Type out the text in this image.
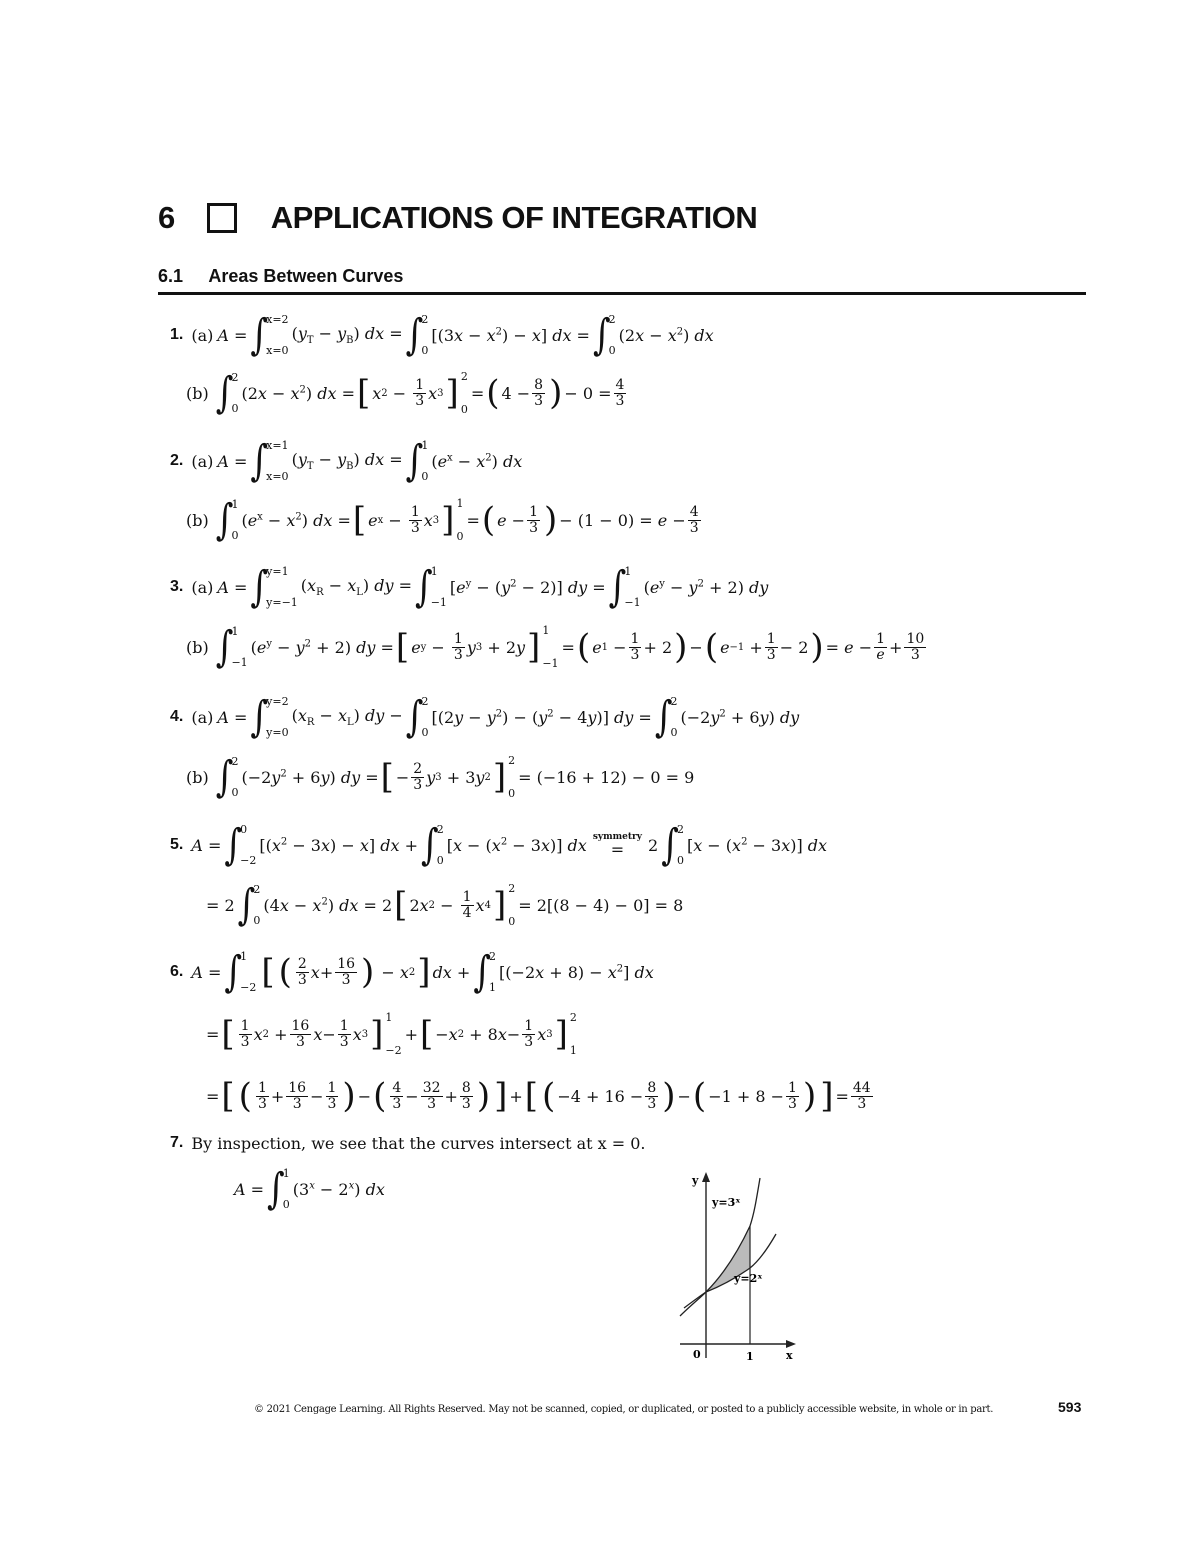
6	APPLICATIONS OF INTEGRATION
6.1 Areas Between Curves
1. (a) A = ∫
x=2
x=0
$(y_T - y_B)$ dx = ∫
2
0
$[(3x - x^2) - x]$ dx = ∫
2
0
$(2x - x^2)$ dx
(b) ∫
2
0
$(2x - x^2)$ dx = [ x $2 - \frac{1}{3}$ x 3 ] 2
0
= ( $4 - \frac{8}{3}$ ) − $0 = \frac{4}{3}$
2. (a) A = ∫
x=1
x=0
$(y_T - y_B)$ dx = ∫
1
0
$(e^x - x^2)$ dx
(b) ∫
1
0
$(e^x - x^2)$ dx = [ e $x - \frac{1}{3}$ x 3 ] 1
0
= ( $e - \frac{1}{3}$ ) − $(1 - 0) = e - \frac{4}{3}$
3. (a) A = ∫
y=1
y=−1
$(x_R - x_L)$ dy = ∫
1
−1
$[e^y - (y^2 - 2)]$ dy = ∫
1
−1
$(e^y - y^2 + 2)$ dy
(b) ∫
1
−1
$(e^y - y^2 + 2)$ dy = [ e $y - \frac{1}{3}$ y 3
+ 2 y ] 1
−1
= ( e $1 - \frac{1}{3} + 2$ ) − ( $e -1 + \frac{1}{3} - 2$ ) = $e - \frac{1}{e} + \frac{10}{3}$
4. (a) A = ∫
y=2
y=0
$(x_R - x_L)$ dy − ∫
2
0
$[(2y - y^2) - (y^2 - 4y)]$ dy = ∫
2
0
$(-2y^2 + 6y)$ dy
(b) ∫
2
0
$(-2y^2 + 6y)$ dy = [ − $\frac{2}{3}$ y 3
+ 3 y 2 ] 2
0
= (−16 + 12) − 0 = 9
5. A = ∫
0
−2
$[(x^2 - 3x) - x]$ dx + ∫
2
0
$[x - (x^2 - 3x)]$ dx symmetry
= 2 ∫
2
0
$[x - (x^2 - 3x)]$ dx
= 2 ∫
2
0
$(4x - x^2)$ dx = 2 [ 2 x $2 - \frac{1}{4}$ x 4 ] 2
0
= 2[(8 − 4) − 0] = 8
6. A = ∫
1
−2 [ ( $\frac{2}{3}$ $x + \frac{16}{3}$ ) − x 2 ] dx + ∫
2
1
$[(-2x + 8) - x^2]$ dx
= [ $\frac{1}{3}$ x 2
+ $\frac{16}{3}$ $x - \frac{1}{3}$ x 3 ] 1
−2
+ [ − x 2
+ 8 $x - \frac{1}{3}$ x 3 ] 2
1
= [ ( $\frac{1}{3} + \frac{16}{3} - \frac{1}{3}$ ) − ( $\frac{4}{3} - \frac{32}{3} + \frac{8}{3}$ ) ] + [ ( $-4 + 16 - \frac{8}{3}$ ) − ( $-1 + 8 - \frac{1}{3}$ ) ] = $\frac{44}{3}$
7. By inspection, we see that the curves intersect at x = 0.
A = ∫
1
0
$(3^x - 2^x)$ dx	y
y=3ˣ
y=2ˣ
0	1	x
© 2021 Cengage Learning. All Rights Reserved. May not be scanned, copied, or duplicated, or posted to a publicly accessible website, in whole or in part.	593
